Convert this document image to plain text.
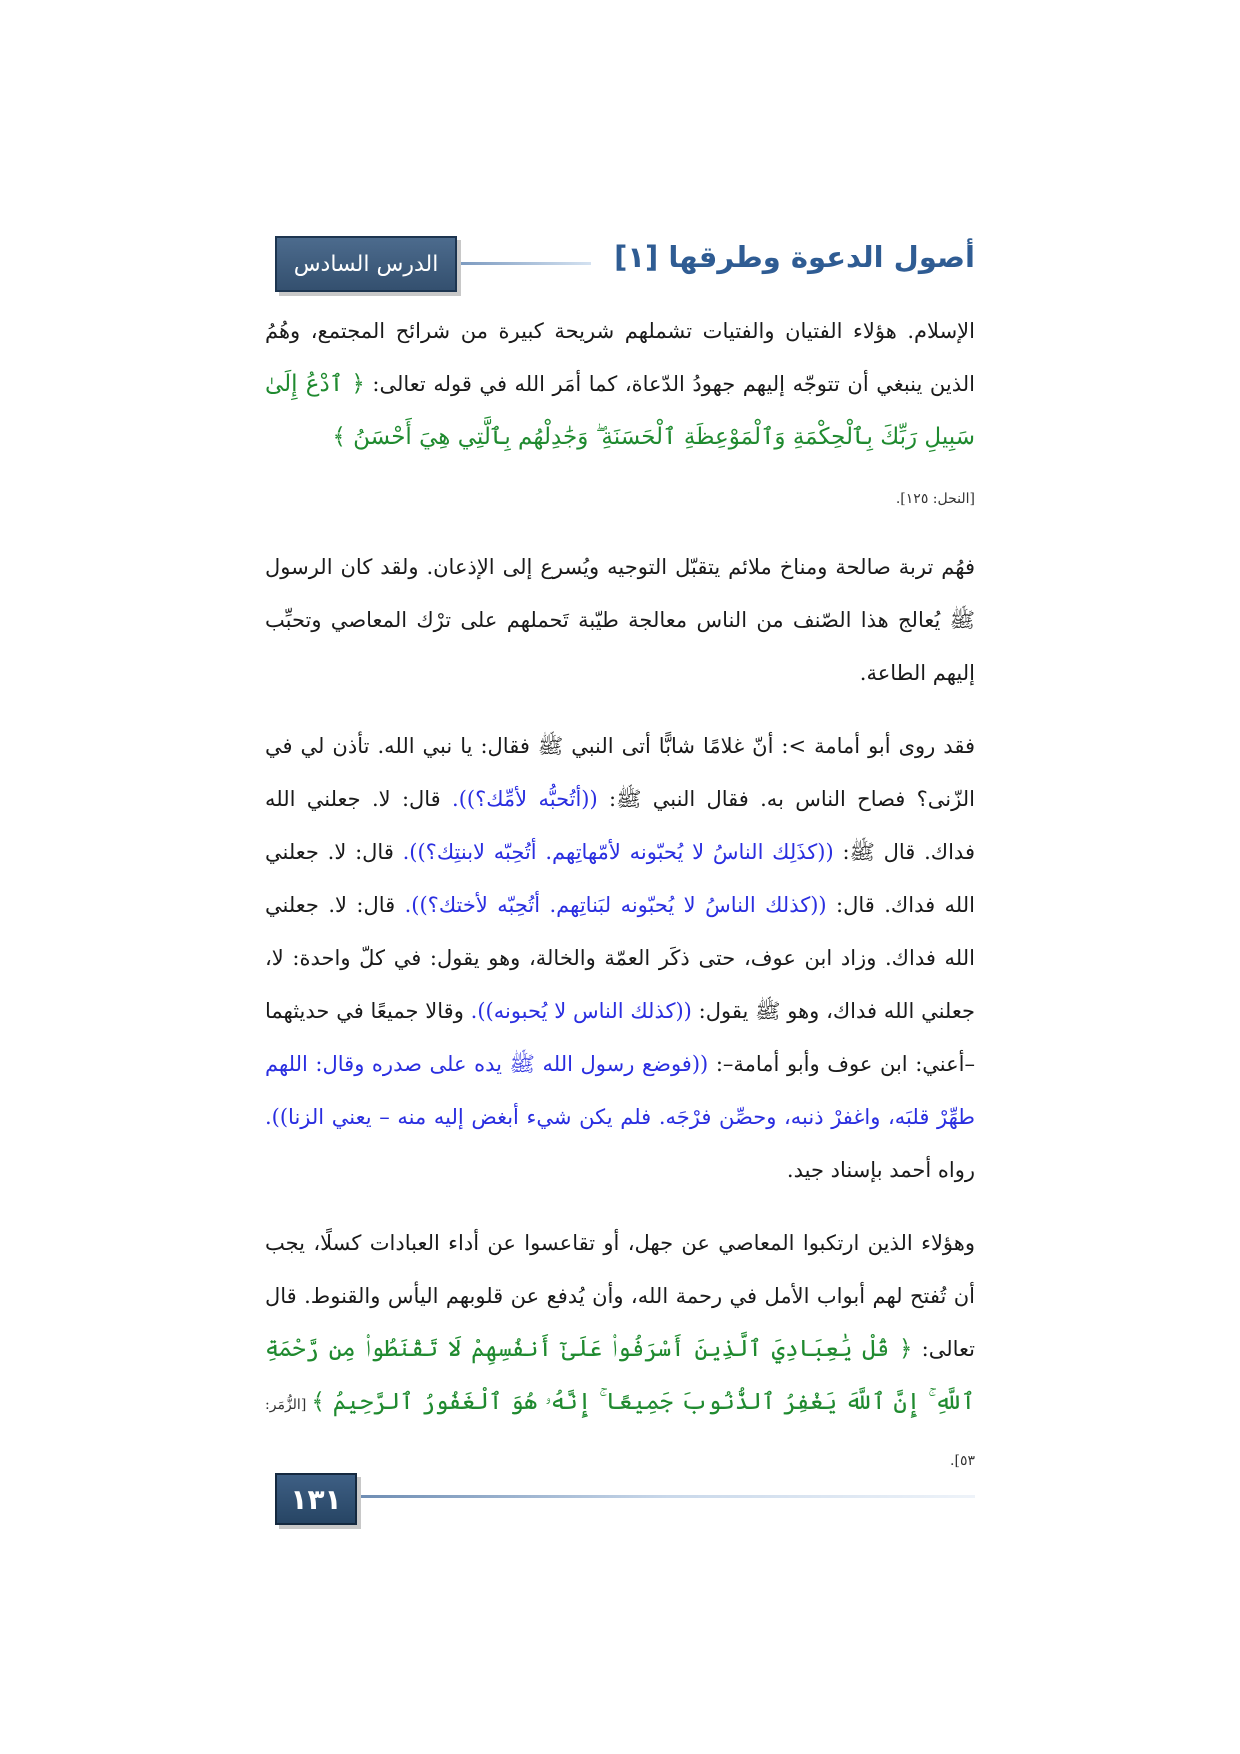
الدرس السادس	أصول الدعوة وطرقها [١]

الإسلام. هؤلاء الفتيان والفتيات تشملهم شريحة كبيرة من شرائح المجتمع، وهُمُ الذين ينبغي أن تتوجّه إليهم جهودُ الدّعاة، كما أمَر الله في قوله تعالى: ﴿ ٱدْعُ إِلَىٰ سَبِيلِ رَبِّكَ بِٱلْحِكْمَةِ وَٱلْمَوْعِظَةِ ٱلْحَسَنَةِ ۖ وَجَٰدِلْهُم بِٱلَّتِي هِيَ أَحْسَنُ ﴾

[النحل: ١٢٥].

فهُم تربة صالحة ومناخ ملائم يتقبّل التوجيه ويُسرع إلى الإذعان. ولقد كان الرسول ﷺ يُعالج هذا الصّنف من الناس معالجة طيّبة تَحملهم على ترْك المعاصي وتحبِّب إليهم الطاعة.

فقد روى أبو أمامة >: أنّ غلامًا شابًّا أتى النبي ﷺ فقال: يا نبي الله. تأذن لي في الزّنى؟ فصاح الناس به. فقال النبي ﷺ: ((أتُحبُّه لأمِّك؟)). قال: لا. جعلني الله فداك. قال ﷺ: ((كذَلِك الناسُ لا يُحبّونه لأمّهاتِهم. أتُحِبّه لابنتِك؟)). قال: لا. جعلني الله فداك. قال: ((كذلك الناسُ لا يُحبّونه لبَناتِهم. أتُحِبّه لأختك؟)). قال: لا. جعلني الله فداك. وزاد ابن عوف، حتى ذكَر العمّة والخالة، وهو يقول: في كلّ واحدة: لا، جعلني الله فداك، وهو ﷺ يقول: ((كذلك الناس لا يُحبونه)). وقالا جميعًا في حديثهما –أعني: ابن عوف وأبو أمامة–: ((فوضع رسول الله ﷺ يده على صدره وقال: اللهم طهِّرْ قلبَه، واغفرْ ذنبه، وحصِّن فرْجَه. فلم يكن شيء أبغض إليه منه – يعني الزنا)). رواه أحمد بإسناد جيد.

وهؤلاء الذين ارتكبوا المعاصي عن جهل، أو تقاعسوا عن أداء العبادات كسلًا، يجب أن تُفتح لهم أبواب الأمل في رحمة الله، وأن يُدفع عن قلوبهم اليأس والقنوط. قال تعالى: ﴿ قُلْ يَٰعِبَادِيَ ٱلَّذِينَ أَسْرَفُوا۟ عَلَىٰٓ أَنفُسِهِمْ لَا تَقْنَطُوا۟ مِن رَّحْمَةِ ٱللَّهِ ۚ إِنَّ ٱللَّهَ يَغْفِرُ ٱلذُّنُوبَ جَمِيعًا ۚ إِنَّهُۥ هُوَ ٱلْغَفُورُ ٱلرَّحِيمُ ﴾ [الزُّمَر: ٥٣].

١٣١
